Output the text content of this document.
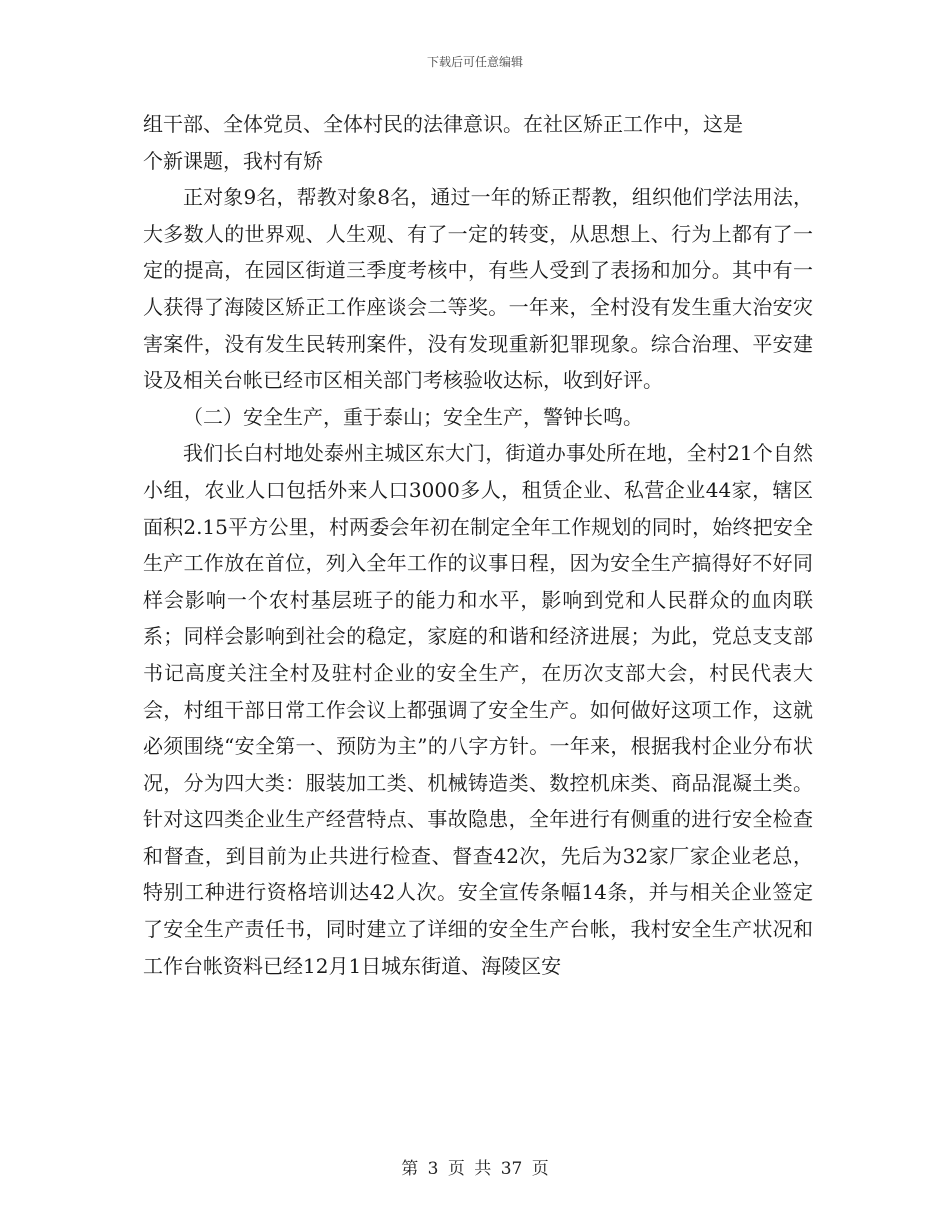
下载后可任意编辑

组干部、全体党员、全体村民的法律意识。在社区矫正工作中，这是

个新课题，我村有矫

正对象9名，帮教对象8名，通过一年的矫正帮教，组织他们学法用法，大多数人的世界观、人生观、有了一定的转变，从思想上、行为上都有了一定的提高，在园区街道三季度考核中，有些人受到了表扬和加分。其中有一人获得了海陵区矫正工作座谈会二等奖。一年来，全村没有发生重大治安灾害案件，没有发生民转刑案件，没有发现重新犯罪现象。综合治理、平安建设及相关台帐已经市区相关部门考核验收达标，收到好评。

（二）安全生产，重于泰山；安全生产，警钟长鸣。

我们长白村地处泰州主城区东大门，街道办事处所在地，全村21个自然小组，农业人口包括外来人口3000多人，租赁企业、私营企业44家，辖区面积2.15平方公里，村两委会年初在制定全年工作规划的同时，始终把安全生产工作放在首位，列入全年工作的议事日程，因为安全生产搞得好不好同样会影响一个农村基层班子的能力和水平，影响到党和人民群众的血肉联系；同样会影响到社会的稳定，家庭的和谐和经济进展；为此，党总支支部书记高度关注全村及驻村企业的安全生产，在历次支部大会，村民代表大会，村组干部日常工作会议上都强调了安全生产。如何做好这项工作，这就必须围绕“安全第一、预防为主”的八字方针。一年来，根据我村企业分布状况，分为四大类：服装加工类、机械铸造类、数控机床类、商品混凝土类。针对这四类企业生产经营特点、事故隐患，全年进行有侧重的进行安全检查和督查，到目前为止共进行检查、督查42次，先后为32家厂家企业老总，特别工种进行资格培训达42人次。安全宣传条幅14条，并与相关企业签定了安全生产责任书，同时建立了详细的安全生产台帐，我村安全生产状况和工作台帐资料已经12月1日城东街道、海陵区安

第 3 页 共 37 页
